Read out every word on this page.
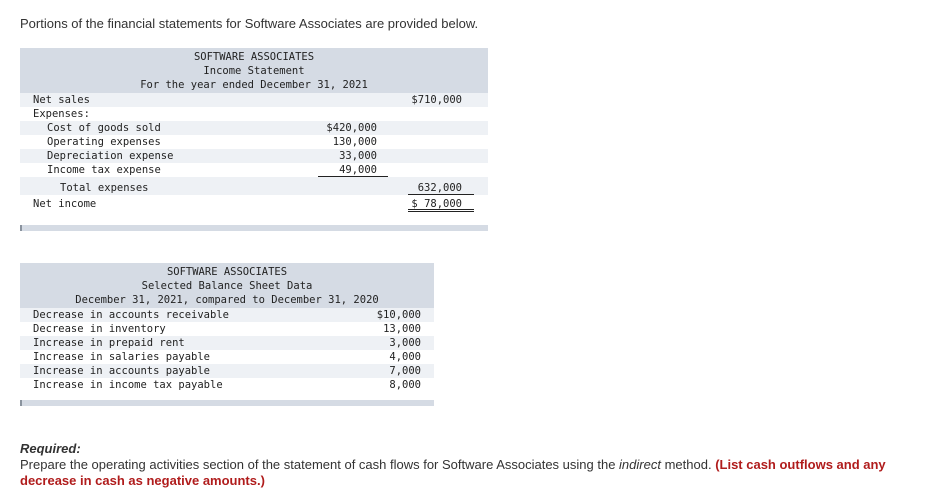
Portions of the financial statements for Software Associates are provided below.
SOFTWARE ASSOCIATES
Income Statement
For the year ended December 31, 2021
Net sales	$710,000
Expenses:
Cost of goods sold	$420,000
Operating expenses	130,000
Depreciation expense	33,000
Income tax expense	49,000
Total expenses	632,000
Net income	$ 78,000
SOFTWARE ASSOCIATES
Selected Balance Sheet Data
December 31, 2021, compared to December 31, 2020
Decrease in accounts receivable	$10,000
Decrease in inventory	13,000
Increase in prepaid rent	3,000
Increase in salaries payable	4,000
Increase in accounts payable	7,000
Increase in income tax payable	8,000
Required:
Prepare the operating activities section of the statement of cash flows for Software Associates using the indirect method. (List cash outflows and any decrease in cash as negative amounts.)
